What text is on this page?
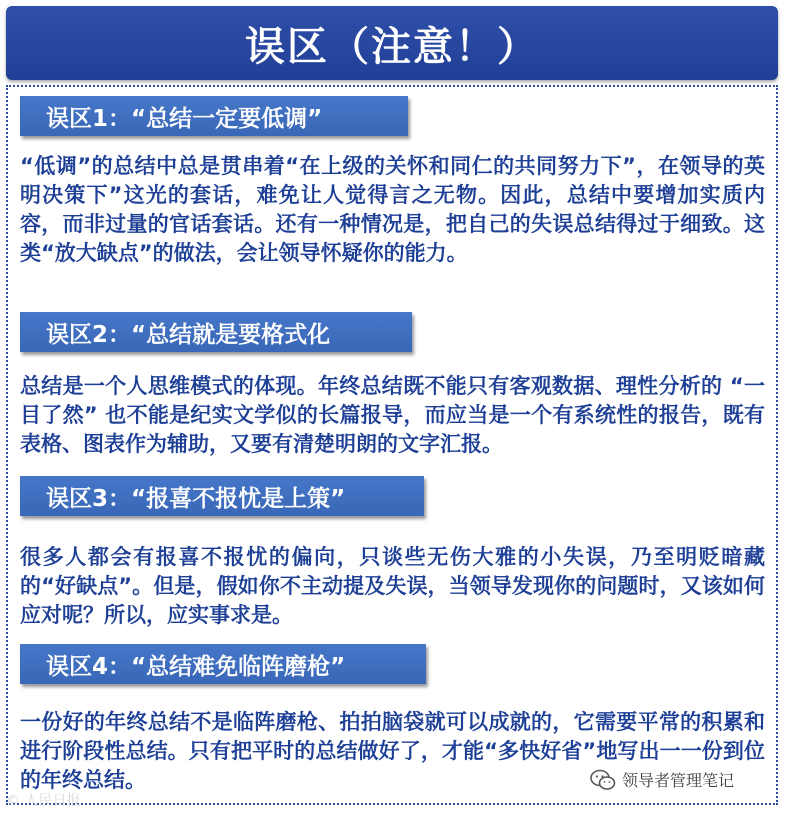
误区（注意！）
误区1：“总结一定要低调”
“低调”的总结中总是贯串着“在上级的关怀和同仁的共同努力下”，在领导的英明决策下”这光的套话，难免让人觉得言之无物。因此，总结中要增加实质内容，而非过量的官话套话。还有一种情况是，把自己的失误总结得过于细致。这类“放大缺点”的做法，会让领导怀疑你的能力。
误区2：“总结就是要格式化
总结是一个人思维模式的体现。年终总结既不能只有客观数据、理性分析的 “一目了然” 也不能是纪实文学似的长篇报导，而应当是一个有系统性的报告，既有表格、图表作为辅助，又要有清楚明朗的文字汇报。
误区3：“报喜不报忧是上策”
很多人都会有报喜不报忧的偏向，只谈些无伤大雅的小失误，乃至明贬暗藏的“好缺点”。但是，假如你不主动提及失误，当领导发现你的问题时，又该如何应对呢？所以，应实事求是。
误区4：“总结难免临阵磨枪”
一份好的年终总结不是临阵磨枪、拍拍脑袋就可以成就的，它需要平常的积累和进行阶段性总结。只有把平时的总结做好了，才能“多快好省”地写出一一份到位的年终总结。
© 人民日报
领导者管理笔记
